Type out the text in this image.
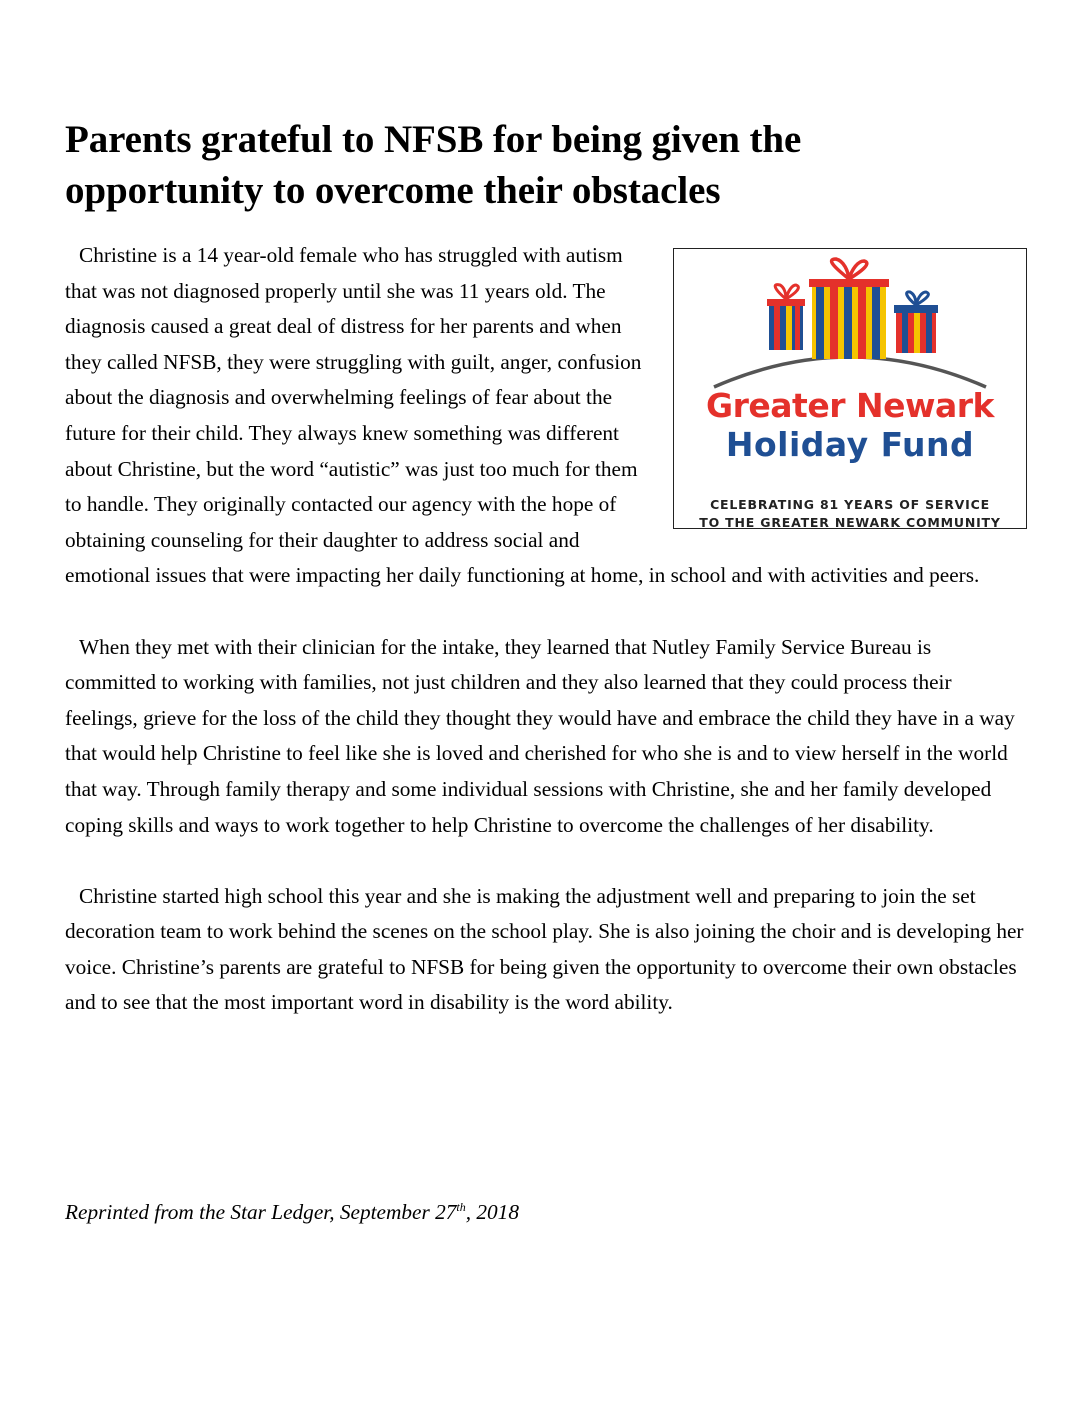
Parents grateful to NFSB for being given the opportunity to overcome their obstacles
Greater Newark
Holiday Fund
CELEBRATING 81 YEARS OF SERVICE
TO THE GREATER NEWARK COMMUNITY

Christine is a 14 year-old female who has struggled with autism that was not diagnosed properly until she was 11 years old. The diagnosis caused a great deal of distress for her parents and when they called NFSB, they were struggling with guilt, anger, confusion about the diagnosis and overwhelming feelings of fear about the future for their child. They always knew something was different about Christine, but the word “autistic” was just too much for them to handle. They originally contacted our agency with the hope of obtaining counseling for their daughter to address social and emotional issues that were impacting her daily functioning at home, in school and with activities and peers.

When they met with their clinician for the intake, they learned that Nutley Family Service Bureau is committed to working with families, not just children and they also learned that they could process their feelings, grieve for the loss of the child they thought they would have and embrace the child they have in a way that would help Christine to feel like she is loved and cherished for who she is and to view herself in the world that way. Through family therapy and some individual sessions with Christine, she and her family developed coping skills and ways to work together to help Christine to overcome the challenges of her disability.

Christine started high school this year and she is making the adjustment well and preparing to join the set decoration team to work behind the scenes on the school play. She is also joining the choir and is developing her voice. Christine’s parents are grateful to NFSB for being given the opportunity to overcome their own obstacles and to see that the most important word in disability is the word ability.

Reprinted from the Star Ledger, September 27th, 2018
